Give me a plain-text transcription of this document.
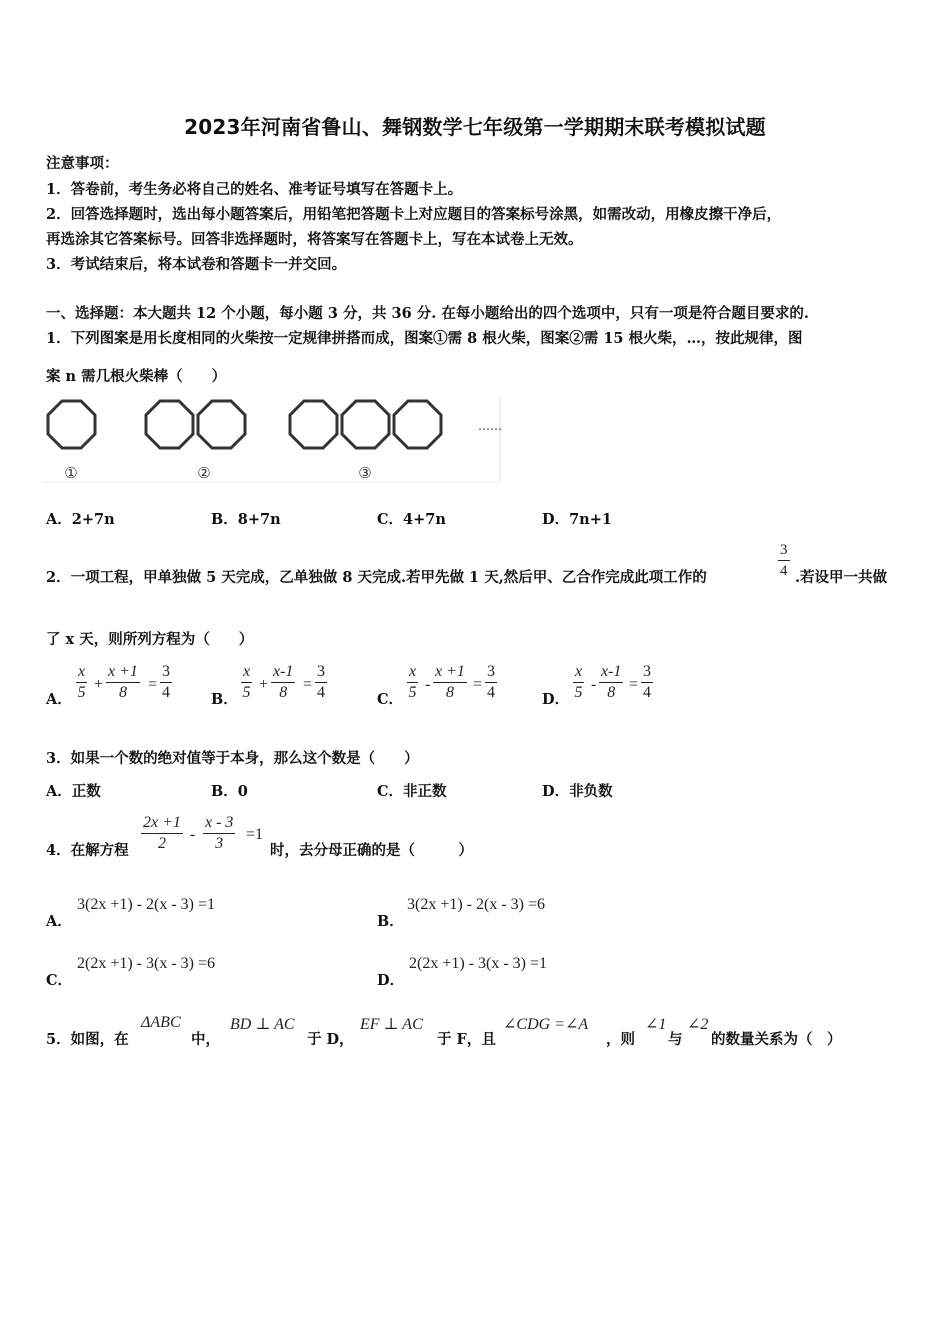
2023年河南省鲁山、舞钢数学七年级第一学期期末联考模拟试题
注意事项：
1．答卷前，考生务必将自己的姓名、准考证号填写在答题卡上。
2．回答选择题时，选出每小题答案后，用铅笔把答题卡上对应题目的答案标号涂黑，如需改动，用橡皮擦干净后，
再选涂其它答案标号。回答非选择题时，将答案写在答题卡上，写在本试卷上无效。
3．考试结束后，将本试卷和答题卡一并交回。
一、选择题：本大题共 12 个小题，每小题 3 分，共 36 分. 在每小题给出的四个选项中，只有一项是符合题目要求的.
1．下列图案是用长度相同的火柴按一定规律拼搭而成，图案①需 8 根火柴，图案②需 15 根火柴，…，按此规律，图
案 n 需几根火柴棒（　　）
①	②	③
……
A．2+7n	B．8+7n	C．4+7n	D．7n+1
2．一项工程，甲单独做 5 天完成，乙单独做 8 天完成.若甲先做 1 天,然后甲、乙合作完成此项工作的	$\frac{3}{4}$ .若设甲一共做
了 x 天，则所列方程为（　　）
A． $\frac{x}{5} + \frac{x +1}{8} = \frac{3}{4}$	B． $\frac{x}{5} + \frac{x-1}{8} = \frac{3}{4}$	C． $\frac{x}{5} - \frac{x +1}{8} = \frac{3}{4}$	D． $\frac{x}{5} - \frac{x-1}{8} = \frac{3}{4}$
3．如果一个数的绝对值等于本身，那么这个数是（　　）
A．正数	B．0	C．非正数	D．非负数
4．在解方程 $\frac{2x +1}{2} - \frac{x - 3}{3} =1$
时，去分母正确的是（　　　）
A．
3(2x +1) - 2(x - 3) =1
B．
3(2x +1) - 2(x - 3) =6
C．
2(2x +1) - 3(x - 3) =6
D．
2(2x +1) - 3(x - 3) =1
5．如图，在
ΔABC
中，
BD ⊥ AC
于 D，
EF ⊥ AC
于 F，且
∠CDG =∠A
，则
∠1
与
∠2
的数量关系为（　）
